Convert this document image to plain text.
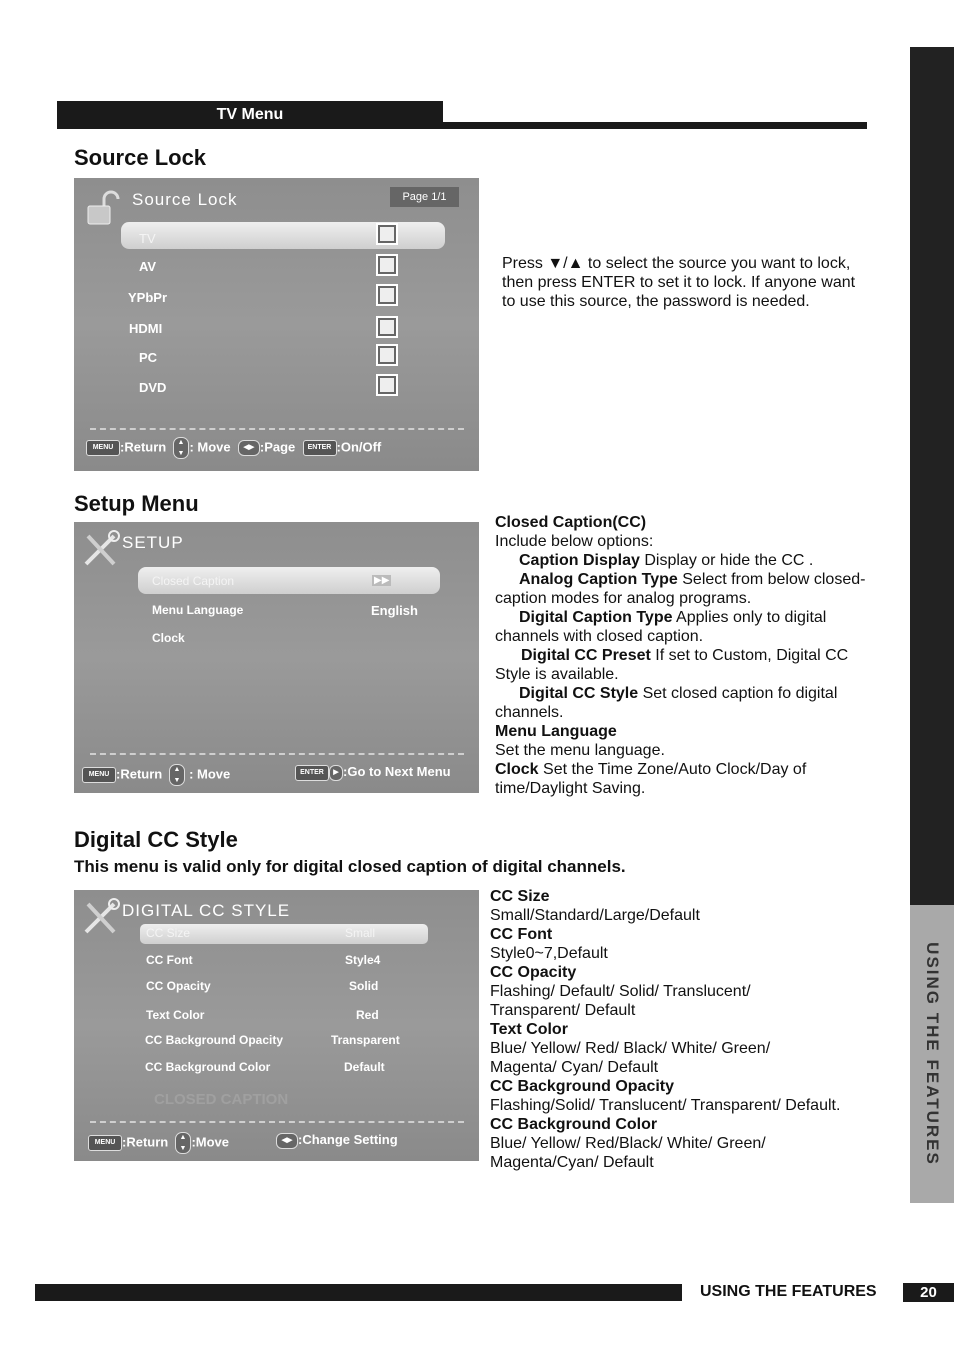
TV Menu
USING THE FEATURES
Source Lock
Source Lock	Page 1/1
TV
AV
YPbPr
HDMI
PC
DVD
MENU :Return ▲ ▼ : Move ◀▶ :Page ENTER :On/Off
Press ▼/▲ to select the source you want to lock, then press ENTER to set it to lock. If anyone want to use this source, the password is needed.
Setup Menu
SETUP
Closed Caption	▶▶
Menu Language	English
Clock
MENU :Return ▲ ▼ : Move	ENTER ▶ :Go to Next Menu
Closed Caption(CC)
Include below options:
Caption Display Display or hide the CC .
Analog Caption Type Select from below closed-caption modes for analog programs.
Digital Caption Type Applies only to digital channels with closed caption.
Digital CC Preset If set to Custom, Digital CC Style is available.
Digital CC Style Set closed caption fo digital channels.
Menu Language
Set the menu language.
Clock Set the Time Zone/Auto Clock/Day of time/Daylight Saving.
Digital CC Style
This menu is valid only for digital closed caption of digital channels.
DIGITAL CC STYLE
CC Size	Small
CC Font	Style4
CC Opacity	Solid
Text Color	Red
CC Background Opacity	Transparent
CC Background Color	Default
CLOSED CAPTION
MENU :Return ▲ ▼ :Move	◀▶ :Change Setting
CC Size
Small/Standard/Large/Default
CC Font
Style0~7,Default
CC Opacity
Flashing/ Default/ Solid/ Translucent/ Transparent/ Default
Text Color
Blue/ Yellow/ Red/ Black/ White/ Green/ Magenta/ Cyan/ Default
CC Background Opacity
Flashing/Solid/ Translucent/ Transparent/ Default.
CC Background Color
Blue/ Yellow/ Red/Black/ White/ Green/ Magenta/Cyan/ Default
USING THE FEATURES	20
